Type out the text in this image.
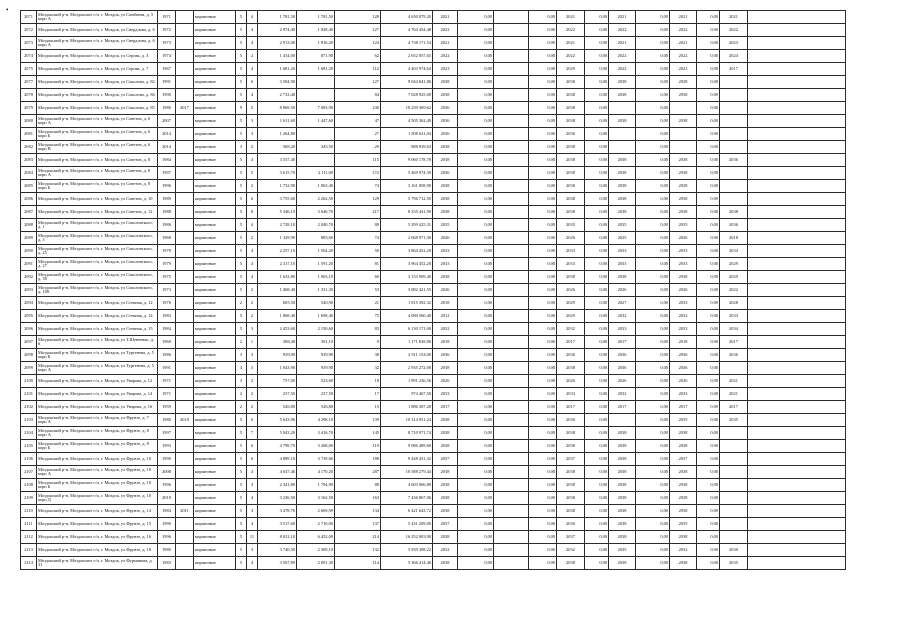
•
2071	Моздокский р-н, Моздокское г/п, г. Моздок, ул Самбиева, д. 5 корп А	1971		кирпичные	5	4	1 781,50	1 781,50	128	4 650 079,20	2021	0,00		0,00	2021	0,00	2021	0,00	2021	0,00	2021	
2072	Моздокский р-н, Моздокское г/п, г. Моздок, ул Свердлова, д. 6	1972		кирпичные	5	4	2 974,40	1 828,40	127	4 764 454,48	2022	0,00		0,00	2022	0,00	2022	0,00	2022	0,00	2022	
2073	Моздокский р-н, Моздокское г/п, г. Моздок, ул Свердлова, д. 6 корп А	1973		кирпичные	5	4	2 913,00	1 816,20	124	4 738 171,54	2021	0,00		0,00	2021	0,00	2021	0,00	2021	0,00	2023	
2074	Моздокский р-н, Моздокское г/п, г. Моздок, ул Серова, д. 3	1974		кирпичные	5	2	1 414,00	871,90	62	2 652 057,65	2022	0,00		0,00	2022	0,00	2022	0,00	2022	0,00	2024	
2075	Моздокский р-н, Моздокское г/п, г. Моздок, ул Серова, д. 7	1967		кирпичные	5	4	1 681,20	1 681,20	112	4 403 974,64	2023	0,00		0,00	2029	0,00	2022	0,00	2023	0,00	2017	
2077	Моздокский р-н, Моздокское г/п, г. Моздок, ул Соколова, д. 82	1991		кирпичные	5	6	3 584,90		127	9 044 641,86	2038	0,00		0,00	2038	0,00	2038	0,00	2038	0,00		
2078	Моздокский р-н, Моздокское г/п, г. Моздок, ул Соколова, д. 84	1990		кирпичные	5	4	2 733,40		84	7 028 925,00	2038	0,00		0,00	2038	0,00	2038	0,00	2038	0,00		
2079	Моздокский р-н, Моздокское г/п, г. Моздок, ул Соколова, д. 85	1986	2017	кирпичные	9	5	8 869,50	7 083,90	230	18 239 369,62	2036	0,00		0,00	2038	0,00		0,00		0,00		
2080	Моздокский р-н, Моздокское г/п, г. Моздок, ул Советов, д. 6 корп А	2007		кирпичные	5	3	1 611,60	1 447,60	47	4 505 362,49	2036	0,00		0,00	2038	0,00	2038	0,00	2038	0,00		
2081	Моздокский р-н, Моздокское г/п, г. Моздок, ул Советов, д. 6 корп Б	2014		кирпичные	5	3	1 264,80		27	1 508 621,04	2036	0,00		0,00	2036	0,00		0,00		0,00		
2082	Моздокский р-н, Моздокское г/п, г. Моздок, ул Советов, д. 6 корп В	2014		кирпичные	3	2	568,20	345,50	29	888 839,63	2038	0,00		0,00	2038	0,00		0,00		0,00		
2083	Моздокский р-н, Моздокское г/п, г. Моздок, ул Советов, д. 8	1984		кирпичные	5	4	3 557,40		115	9 060 178,78	2038	0,00		0,00	2038	0,00	2038	0,00	2038	0,00	2036	
2084	Моздокский р-н, Моздокское г/п, г. Моздок, ул Советов, д. 8 корп А	1997		кирпичные	5	5	3 615,70	2 111,00	172	5 469 974,39	2036	0,00		0,00	2038	0,00	2038	0,00	2038	0,00		
2085	Моздокский р-н, Моздокское г/п, г. Моздок, ул Советов, д. 8 корп Б	1996		кирпичные	5	2	1 732,90	1 063,40	74	3 161 858,90	2038	0,00		0,00	2038	0,00	2038	0,00	2038	0,00		
2086	Моздокский р-н, Моздокское г/п, г. Моздок, ул Советов, д. 10	1989		кирпичные	5	6	3 755,60	2 262,50	129	5 796 712,50	2038	0,00		0,00	2038	0,00	2038	0,00	2038	0,00		
2087	Моздокский р-н, Моздокское г/п, г. Моздок, ул Советов, д. 12	1988		кирпичные	5	8	5 346,10	3 646,70	217	8 335 441,90	2038	0,00		0,00	2038	0,00	2038	0,00	2038	0,00	2038	
2088	Моздокский р-н, Моздокское г/п, г. Моздок, ул Соколовского, д. 1	1986		кирпичные	5	4	2 728,10	2 040,70	80	5 299 425,31	2035	0,00		0,00	2035	0,00	2035	0,00	2035	0,00	2036	
2089	Моздокский р-н, Моздокское г/п, г. Моздок, ул Соколовского, д. 3	1968		кирпичные	5	2	1 329,90	885,60	74	2 668 971,30	2026	0,00		0,00	2026	0,00	2025	0,00	2026	0,00	2018	
2090	Моздокский р-н, Моздокское г/п, г. Моздок, ул Соколовского, д. 25	1978		кирпичные	5	4	2 257,10	1 564,20	50	3 864 452,20	2033	0,00		0,00	2033	0,00	2033	0,00	2033	0,00	2034	
2091	Моздокский р-н, Моздокское г/п, г. Моздок, ул Соколовского, д. 27	1979		кирпичные	5	4	2 317,10	1 591,20	81	3 964 452,20	2033	0,00		0,00	2033	0,00	2033	0,00	2033	0,00	2029	
2092	Моздокский р-н, Моздокское г/п, г. Моздок, ул Соколовского, д. 38	1975		кирпичные	5	4	1 633,80	1 003,10	60	3 153 909,40	2038	0,00		0,00	2038	0,00	2038	0,00	2038	0,00	2029	
2093	Моздокский р-н, Моздокское г/п, г. Моздок, ул Соколовского, д. 108	1973		кирпичные	5	2	1 468,40	1 331,30	53	3 082 421,55	2026	0,00		0,00	2026	0,00	2026	0,00	2026	0,00	2022	
2094	Моздокский р-н, Моздокское г/п, г. Моздок, ул Степная, д. 12	1976		кирпичные	2	2	605,50	540,90	21	1 815 392,32	2018	0,00		0,00	2029	0,00	2027	0,00	2033	0,00	2028	
2095	Моздокский р-н, Моздокское г/п, г. Моздок, ул Степная, д. 14	1983		кирпичные	5	2	1 868,40	1 698,40	75	4 080 560,40	2012	0,00		0,00	2029	0,00	2032	0,00	2032	0,00	2033	
2096	Моздокский р-н, Моздокское г/п, г. Моздок, ул Степная, д. 15	1984		кирпичные	5	3	2 453,60	2 150,60	83	6 130 171,00	2032	0,00		0,00	2032	0,00	2033	0,00	2033	0,00	2034	
2097	Моздокский р-н, Моздокское г/п, г. Моздок, ул Т.Шевченко, д. 6	1960		кирпичные	2	1	308,40	301,10	9	1 171 828,86	2018	0,00		0,00	2017	0,00	2017	0,00	2018	0,00	2017	
2098	Моздокский р-н, Моздокское г/п, г. Моздок, ул Тургенева, д. 5 корп Б	1986		кирпичные	3	3	939,90	939,90	38	2 911 154,00	2036	0,00		0,00	2036	0,00	2036	0,00	2036	0,00	2036	
2099	Моздокский р-н, Моздокское г/п, г. Моздок, ул Тургенева, д. 5 корп А	1991		кирпичные	3	3	1 043,90	939,90	32	2 935 272,00	2038	0,00		0,00	2038	0,00	2036	0,00	2036	0,00		
2100	Моздокский р-н, Моздокское г/п, г. Моздок, ул Уварова, д. 12	1971		кирпичные	3	2	757,00	523,60	18	1 891 236,56	2026	0,00		0,00	2026	0,00	2026	0,00	2026	0,00	2021	
2101	Моздокский р-н, Моздокское г/п, г. Моздок, ул Уварова, д. 14	1971		кирпичные	2	2	237,50	237,50	17	974 467,50	2033	0,00		0,00	2033	0,00	2032	0,00	2033	0,00	2021	
2102	Моздокский р-н, Моздокское г/п, г. Моздок, ул Уварова, д. 16	1959		кирпичные	2	2	526,80	526,80	15	1 886 307,28	2017	0,00		0,00	2017	0,00	2017	0,00	2017	0,00	2017	
2103	Моздокский р-н, Моздокское г/п, г. Моздок, ул Фрунзе, д. 7 корп А	1980	2010	кирпичные	5	6	5 643,96	4 298,10	139	10 314 951,24	2038	0,00		0,00	2030	0,00		0,00	2035	0,00	2035	
2104	Моздокский р-н, Моздокское г/п, г. Моздок, ул Фрунзе, д. 8 корп А	1997		кирпичные	5	7	5 043,20	3 416,70	145	8 710 971,74	2038	0,00		0,00	2038	0,00	2038	0,00	2038	0,00		
2105	Моздокский р-н, Моздокское г/п, г. Моздок, ул Фрунзе, д. 8 корп Б	1993		кирпичные	5	6	4 799,70	3 268,00	119	9 086 489,60	2038	0,00		0,00	2038	0,00	2038	0,00	2038	0,00		
2106	Моздокский р-н, Моздокское г/п, г. Моздок, ул Фрунзе, д. 10	1990		кирпичные	5	6	4 889,10	3 739,66	188	9 448 431,32	2037	0,00		0,00	2037	0,00	2038	0,00	2037	0,00		
2107	Моздокский р-н, Моздокское г/п, г. Моздок, ул Фрунзе, д. 10 корп А	2008		кирпичные	5	4	4 637,46	4 170,20	287	10 588 279,44	2038	0,00		0,00	2038	0,00	2038	0,00	2038	0,00		
2108	Моздокский р-н, Моздокское г/п, г. Моздок, ул Фрунзе, д. 10 корп Б	1996		кирпичные	5	3	2 341,80	1 794,90	88	4 603 066,80	2038	0,00		0,00	2038	0,00	2038	0,00	2038	0,00		
2109	Моздокский р-н, Моздокское г/п, г. Моздок, ул Фрунзе, д. 10 корп Д	2010		кирпичные	5	4	3 236,50	3 162,50	163	7 436 867,06	2038	0,00		0,00	2038	0,00	2038	0,00	2038	0,00		
2110	Моздокский р-н, Моздокское г/п, г. Моздок, ул Фрунзе, д. 14	1984	2011	кирпичные	5	3	3 478,76	2 669,99	134	6 421 643,72	2038	0,00		0,00	2038	0,00	2038	0,00	2038	0,00		
2111	Моздокский р-н, Моздокское г/п, г. Моздок, ул Фрунзе, д. 15	1990		кирпичные	5	4	3 517,60	2 710,00	137	5 431 209,00	2037	0,00		0,00	2030	0,00	2038	0,00	2035	0,00		
2112	Моздокский р-н, Моздокское г/п, г. Моздок, ул Фрунзе, д. 16	1996		кирпичные	5	11	8 021,10	6 452,00	214	16 252 003,90	2038	0,00		0,00	2037	0,00	2038	0,00	2038	0,00		
2113	Моздокский р-н, Моздокское г/п, г. Моздок, ул Фрунзе, д. 18	1980		кирпичные	5	3	3 740,50	2 309,10	132	5 939 308,22	2032	0,00		0,00	2032	0,00	2035	0,00	2032	0,00	2030	
2114	Моздокский р-н, Моздокское г/п, г. Моздок, ул Фурманова, д. 31	1983		кирпичные	5	4	3 567,89	2 001,30	114	5 366 414,46	2038	0,00		0,00	2038	0,00	2038	0,00	2038	0,00	2035	
